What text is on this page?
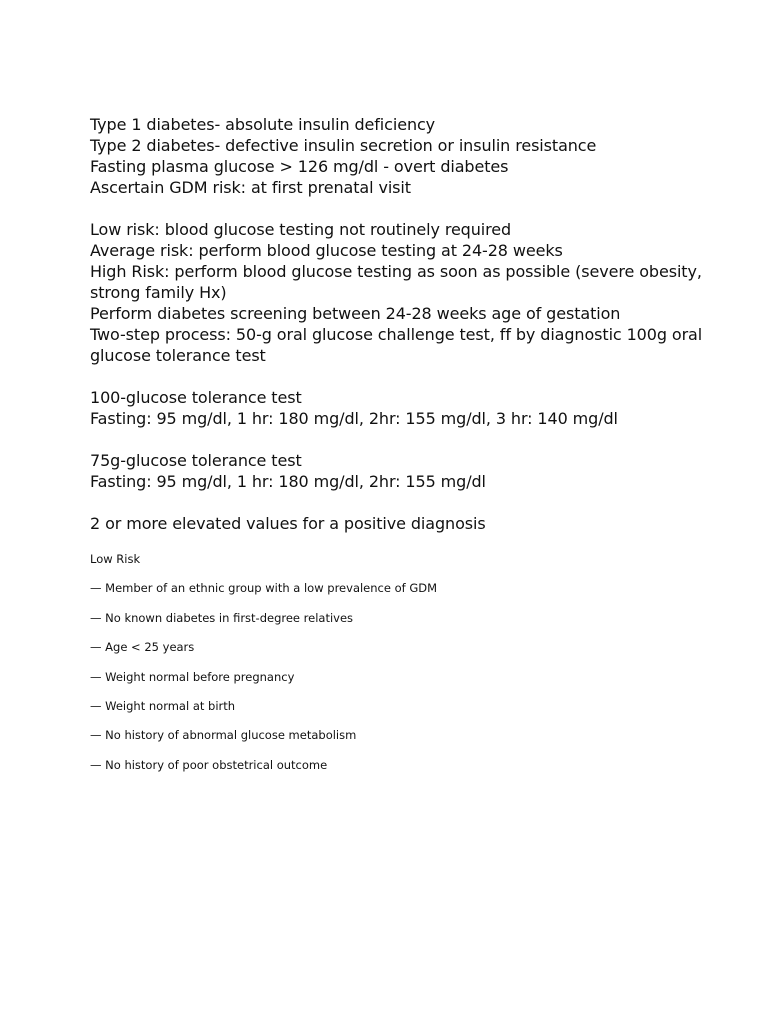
Type 1 diabetes- absolute insulin deficiency
Type 2 diabetes- defective insulin secretion or insulin resistance
Fasting plasma glucose > 126 mg/dl - overt diabetes
Ascertain GDM risk: at first prenatal visit
Low risk: blood glucose testing not routinely required
Average risk: perform blood glucose testing at 24-28 weeks
High Risk: perform blood glucose testing as soon as possible (severe obesity, strong family Hx)
Perform diabetes screening between 24-28 weeks age of gestation
Two-step process: 50-g oral glucose challenge test, ff by diagnostic 100g oral glucose tolerance test
100-glucose tolerance test
Fasting: 95 mg/dl, 1 hr: 180 mg/dl, 2hr: 155 mg/dl, 3 hr: 140 mg/dl
75g-glucose tolerance test
Fasting: 95 mg/dl, 1 hr: 180 mg/dl, 2hr: 155 mg/dl
2 or more elevated values for a positive diagnosis
Low Risk
— Member of an ethnic group with a low prevalence of GDM
— No known diabetes in first-degree relatives
— Age < 25 years
— Weight normal before pregnancy
— Weight normal at birth
— No history of abnormal glucose metabolism
— No history of poor obstetrical outcome
